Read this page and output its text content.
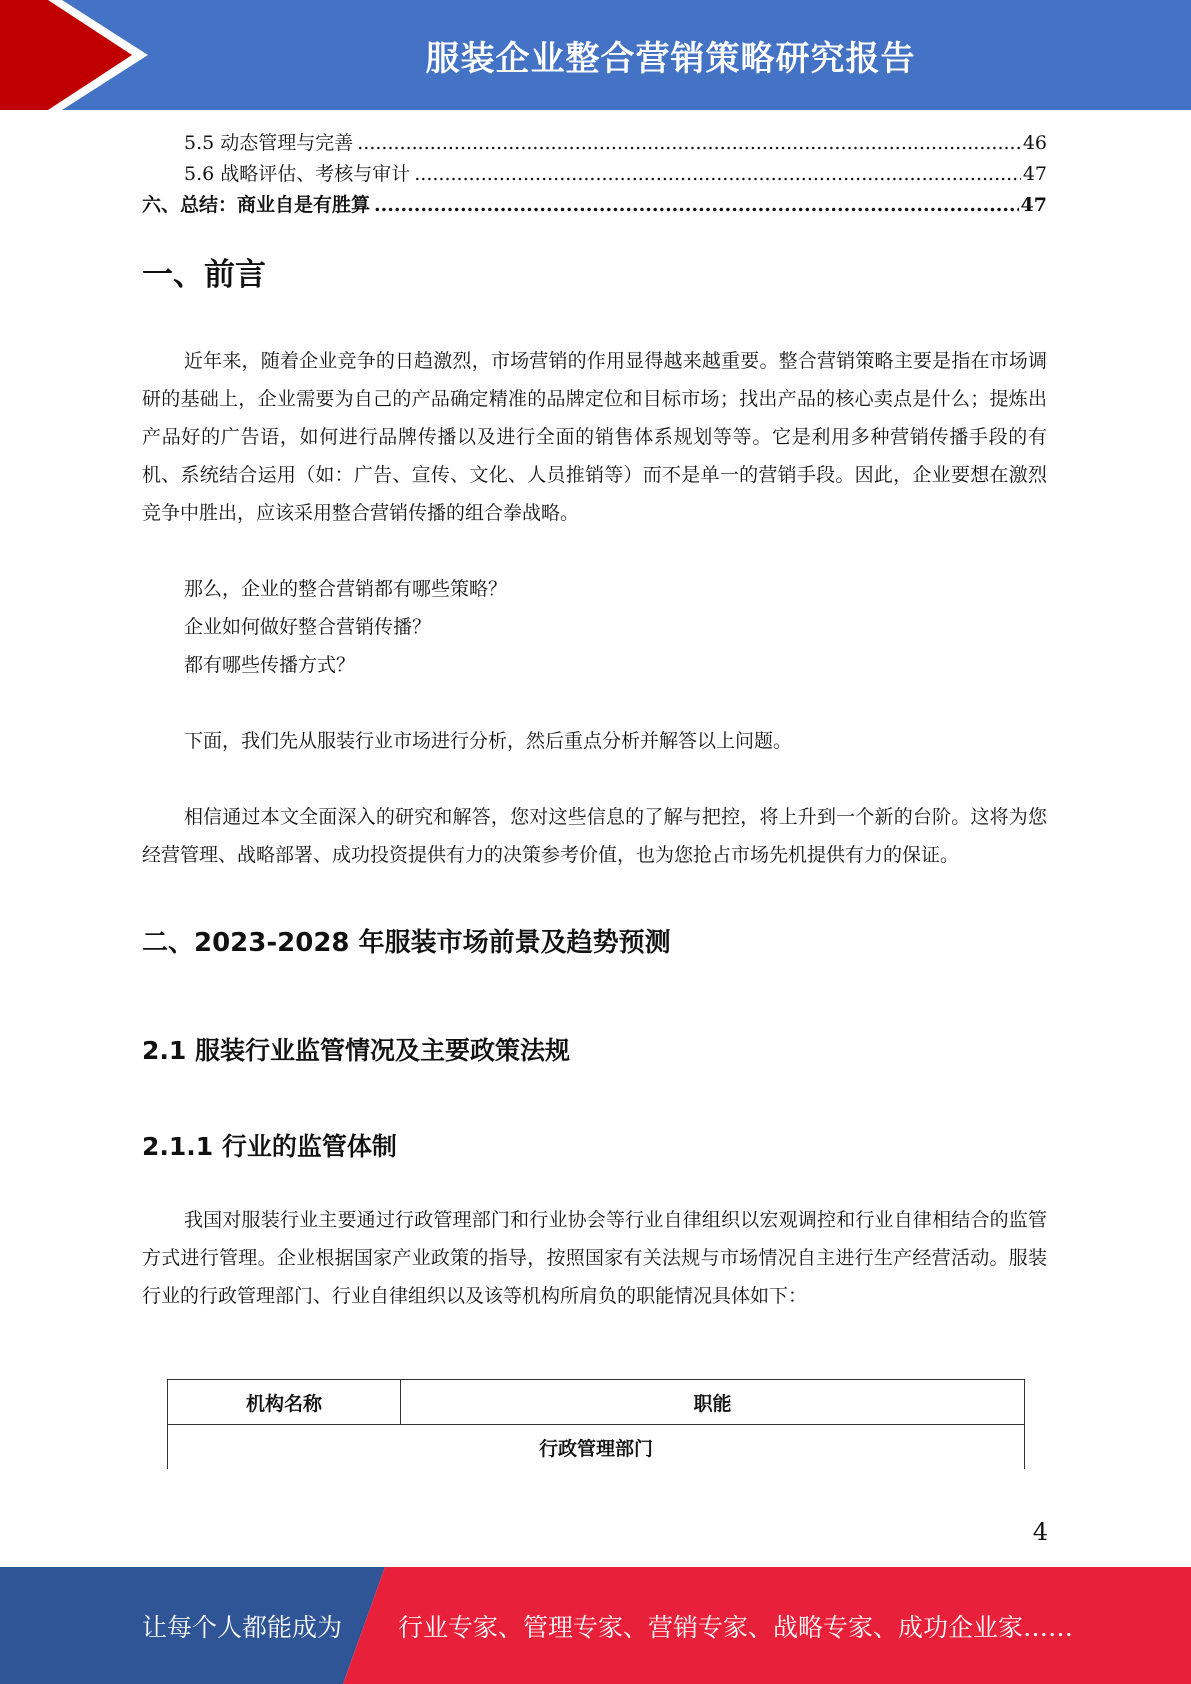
服装企业整合营销策略研究报告
5.5 动态管理与完善 .....	46
5.6 战略评估、考核与审计 .....	47
六、总结：商业自是有胜算 .....	47
一、前言

近年来，随着企业竞争的日趋激烈，市场营销的作用显得越来越重要。整合营销策略主要是指在市场调研的基础上，企业需要为自己的产品确定精准的品牌定位和目标市场；找出产品的核心卖点是什么；提炼出产品好的广告语，如何进行品牌传播以及进行全面的销售体系规划等等。它是利用多种营销传播手段的有机、系统结合运用（如：广告、宣传、文化、人员推销等）而不是单一的营销手段。因此，企业要想在激烈竞争中胜出，应该采用整合营销传播的组合拳战略。

那么，企业的整合营销都有哪些策略？

企业如何做好整合营销传播？

都有哪些传播方式？

下面，我们先从服装行业市场进行分析，然后重点分析并解答以上问题。

相信通过本文全面深入的研究和解答，您对这些信息的了解与把控，将上升到一个新的台阶。这将为您经营管理、战略部署、成功投资提供有力的决策参考价值，也为您抢占市场先机提供有力的保证。

二、2023-2028 年服装市场前景及趋势预测
2.1 服装行业监管情况及主要政策法规
2.1.1 行业的监管体制

我国对服装行业主要通过行政管理部门和行业协会等行业自律组织以宏观调控和行业自律相结合的监管方式进行管理。企业根据国家产业政策的指导，按照国家有关法规与市场情况自主进行生产经营活动。服装行业的行政管理部门、行业自律组织以及该等机构所肩负的职能情况具体如下：

机构名称	职能
行政管理部门
4
让每个人都能成为 行业专家、管理专家、营销专家、战略专家、成功企业家……
